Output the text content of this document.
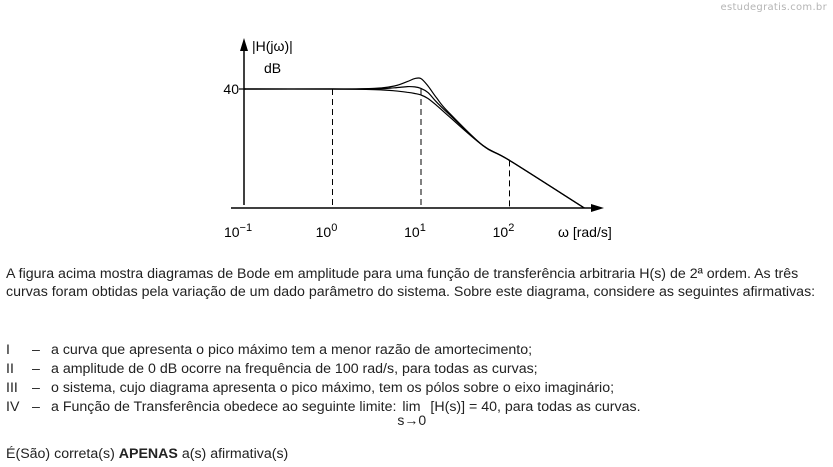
estudegratis.com.br
|H(jω)|
dB
40
$10^{-1}$	$10^0$	$10^1$	$10^2$	ω [rad/s]
A figura acima mostra diagramas de Bode em amplitude para uma função de transferência arbitraria H(s) de 2ª ordem. As três curvas foram obtidas pela variação de um dado parâmetro do sistema. Sobre este diagrama, considere as seguintes afirmativas:
I	– a curva que apresenta o pico máximo tem a menor razão de amortecimento;
II	– a amplitude de 0 dB ocorre na frequência de 100 rad/s, para todas as curvas;
III – o sistema, cujo diagrama apresenta o pico máximo, tem os pólos sobre o eixo imaginário;
IV – a Função de Transferência obedece ao seguinte limite: lim
s→0
[H(s)] = 40, para todas as curvas.
É(São) correta(s) APENAS a(s) afirmativa(s)
